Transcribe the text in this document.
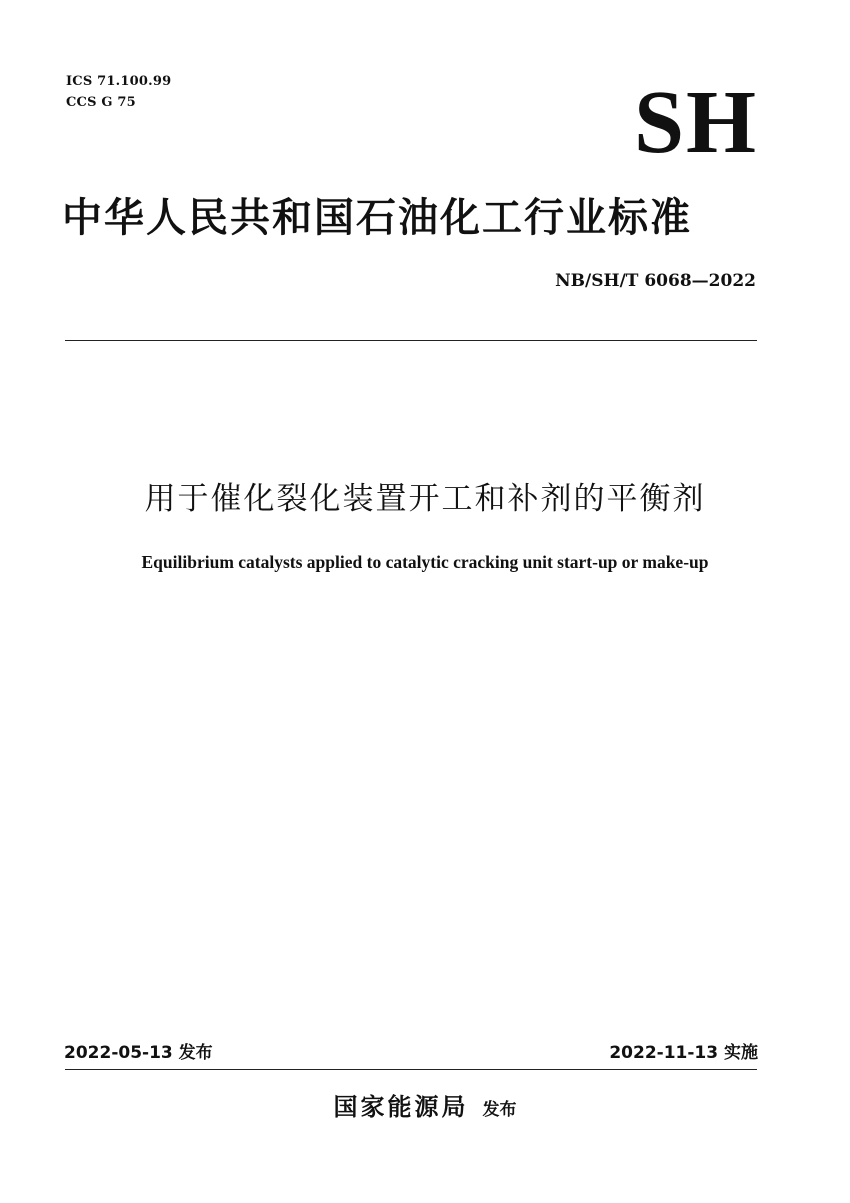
ICS 71.100.99
CCS G 75	SH
中华人民共和国石油化工行业标准
NB/SH/T 6068—2022
用于催化裂化装置开工和补剂的平衡剂
Equilibrium catalysts applied to catalytic cracking unit start-up or make-up
2022-05-13 发布	2022-11-13 实施
国家能源局 发布
